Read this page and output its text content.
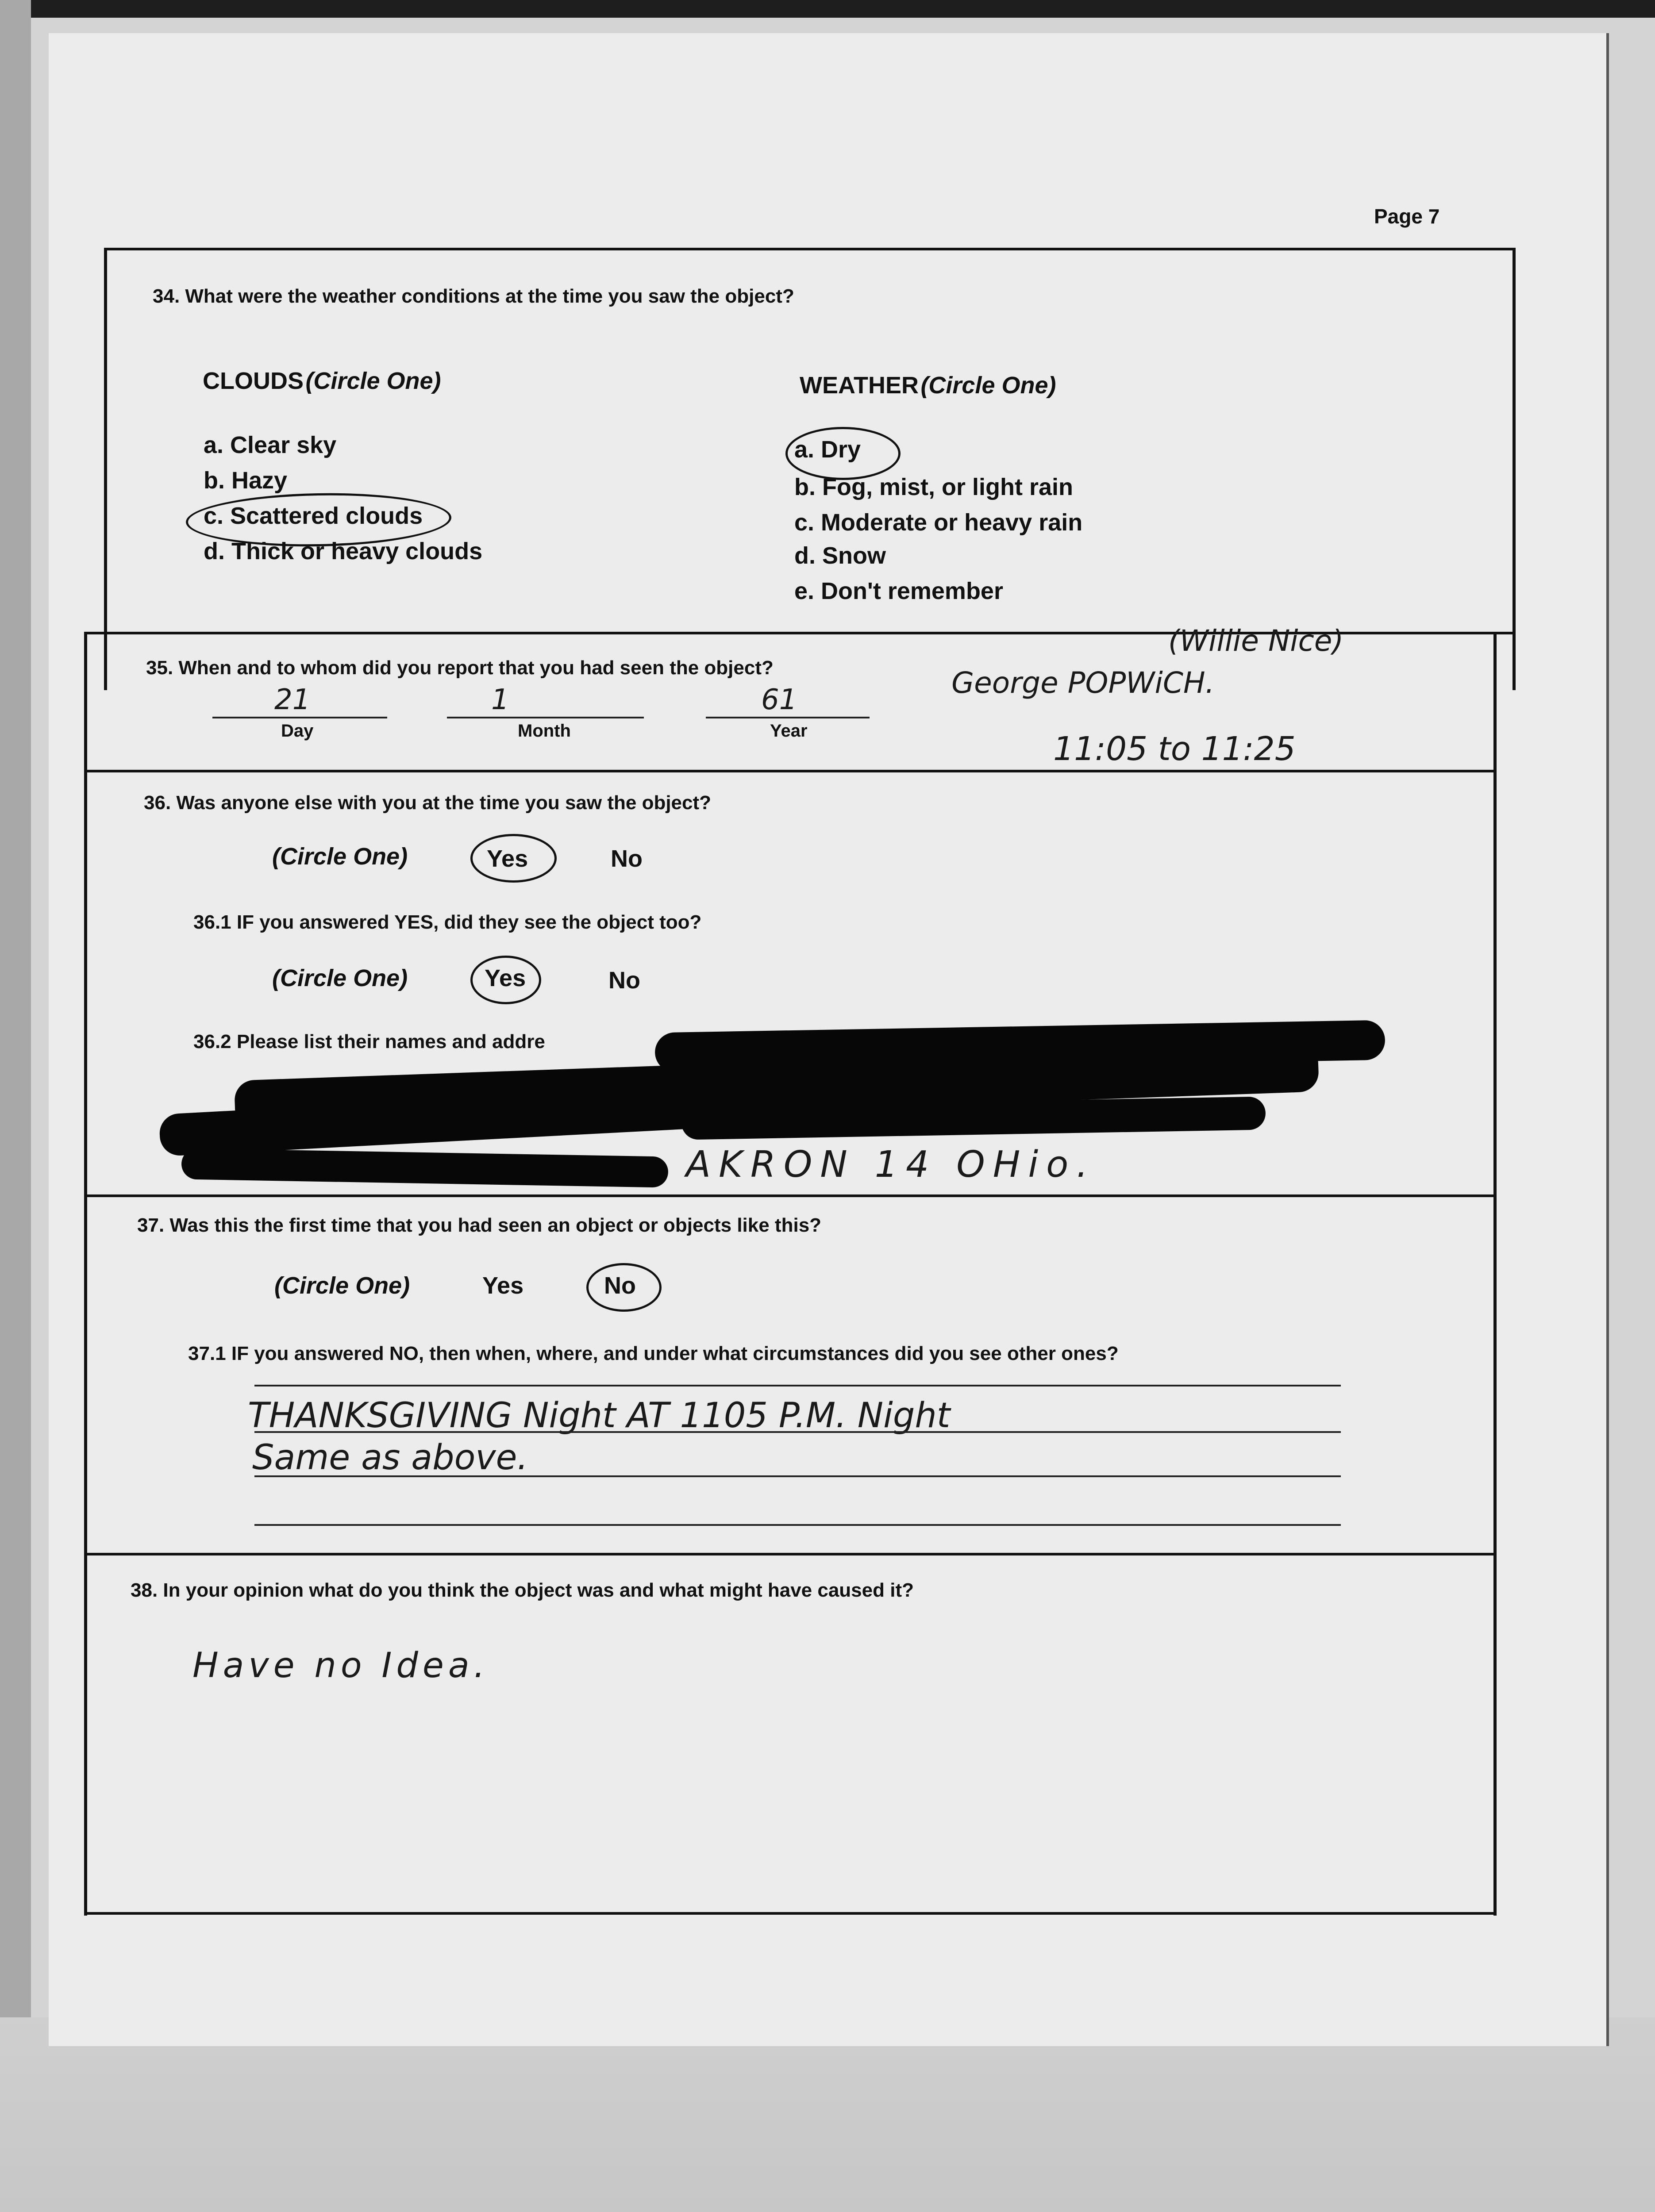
Page 7
34. What were the weather conditions at the time you saw the object?
CLOUDS (Circle One)
a. Clear sky
b. Hazy
c. Scattered clouds
d. Thick or heavy clouds
WEATHER (Circle One)
a. Dry
b. Fog, mist, or light rain
c. Moderate or heavy rain
d. Snow
e. Don't remember
35. When and to whom did you report that you had seen the object?
21	1	61
Day	Month	Year
George POPWiCH.
(Willie Nice)
11:05 to 11:25
36. Was anyone else with you at the time you saw the object?
(Circle One)	Yes	No
36.1 IF you answered YES, did they see the object too?
(Circle One)	Yes	No
36.2 Please list their names and addre
AKRON 14 OHio.
37. Was this the first time that you had seen an object or objects like this?
(Circle One)	Yes	No
37.1 IF you answered NO, then when, where, and under what circumstances did you see other ones?
THANKSGIVING Night AT 1105 P.M. Night
Same as above.
38. In your opinion what do you think the object was and what might have caused it?
Have no Idea.
